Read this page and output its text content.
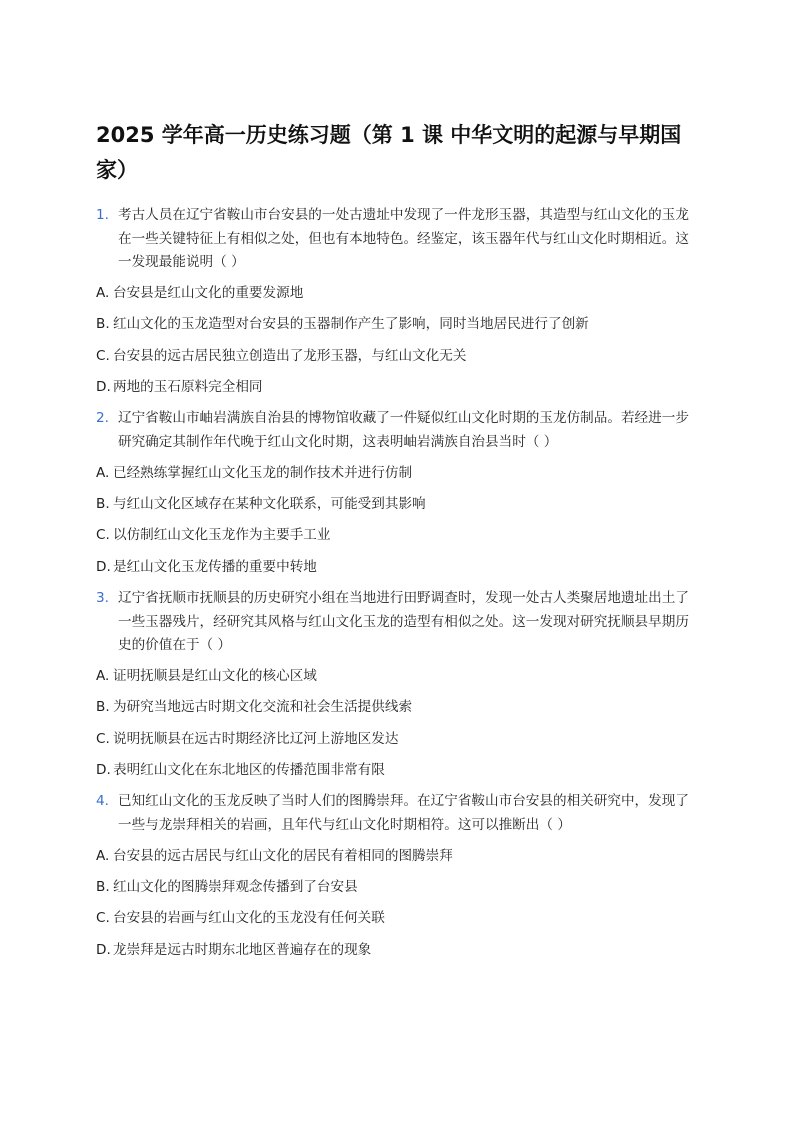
2025 学年高一历史练习题（第 1 课 中华文明的起源与早期国家）
1. 考古人员在辽宁省鞍山市台安县的一处古遗址中发现了一件龙形玉器，其造型与红山文化的玉龙在一些关键特征上有相似之处，但也有本地特色。经鉴定，该玉器年代与红山文化时期相近。这一发现最能说明（ ）
A. 台安县是红山文化的重要发源地
B. 红山文化的玉龙造型对台安县的玉器制作产生了影响，同时当地居民进行了创新
C. 台安县的远古居民独立创造出了龙形玉器，与红山文化无关
D. 两地的玉石原料完全相同
2. 辽宁省鞍山市岫岩满族自治县的博物馆收藏了一件疑似红山文化时期的玉龙仿制品。若经进一步研究确定其制作年代晚于红山文化时期，这表明岫岩满族自治县当时（ ）
A. 已经熟练掌握红山文化玉龙的制作技术并进行仿制
B. 与红山文化区域存在某种文化联系，可能受到其影响
C. 以仿制红山文化玉龙作为主要手工业
D. 是红山文化玉龙传播的重要中转地
3. 辽宁省抚顺市抚顺县的历史研究小组在当地进行田野调查时，发现一处古人类聚居地遗址出土了一些玉器残片，经研究其风格与红山文化玉龙的造型有相似之处。这一发现对研究抚顺县早期历史的价值在于（ ）
A. 证明抚顺县是红山文化的核心区域
B. 为研究当地远古时期文化交流和社会生活提供线索
C. 说明抚顺县在远古时期经济比辽河上游地区发达
D. 表明红山文化在东北地区的传播范围非常有限
4. 已知红山文化的玉龙反映了当时人们的图腾崇拜。在辽宁省鞍山市台安县的相关研究中，发现了一些与龙崇拜相关的岩画，且年代与红山文化时期相符。这可以推断出（ ）
A. 台安县的远古居民与红山文化的居民有着相同的图腾崇拜
B. 红山文化的图腾崇拜观念传播到了台安县
C. 台安县的岩画与红山文化的玉龙没有任何关联
D. 龙崇拜是远古时期东北地区普遍存在的现象
